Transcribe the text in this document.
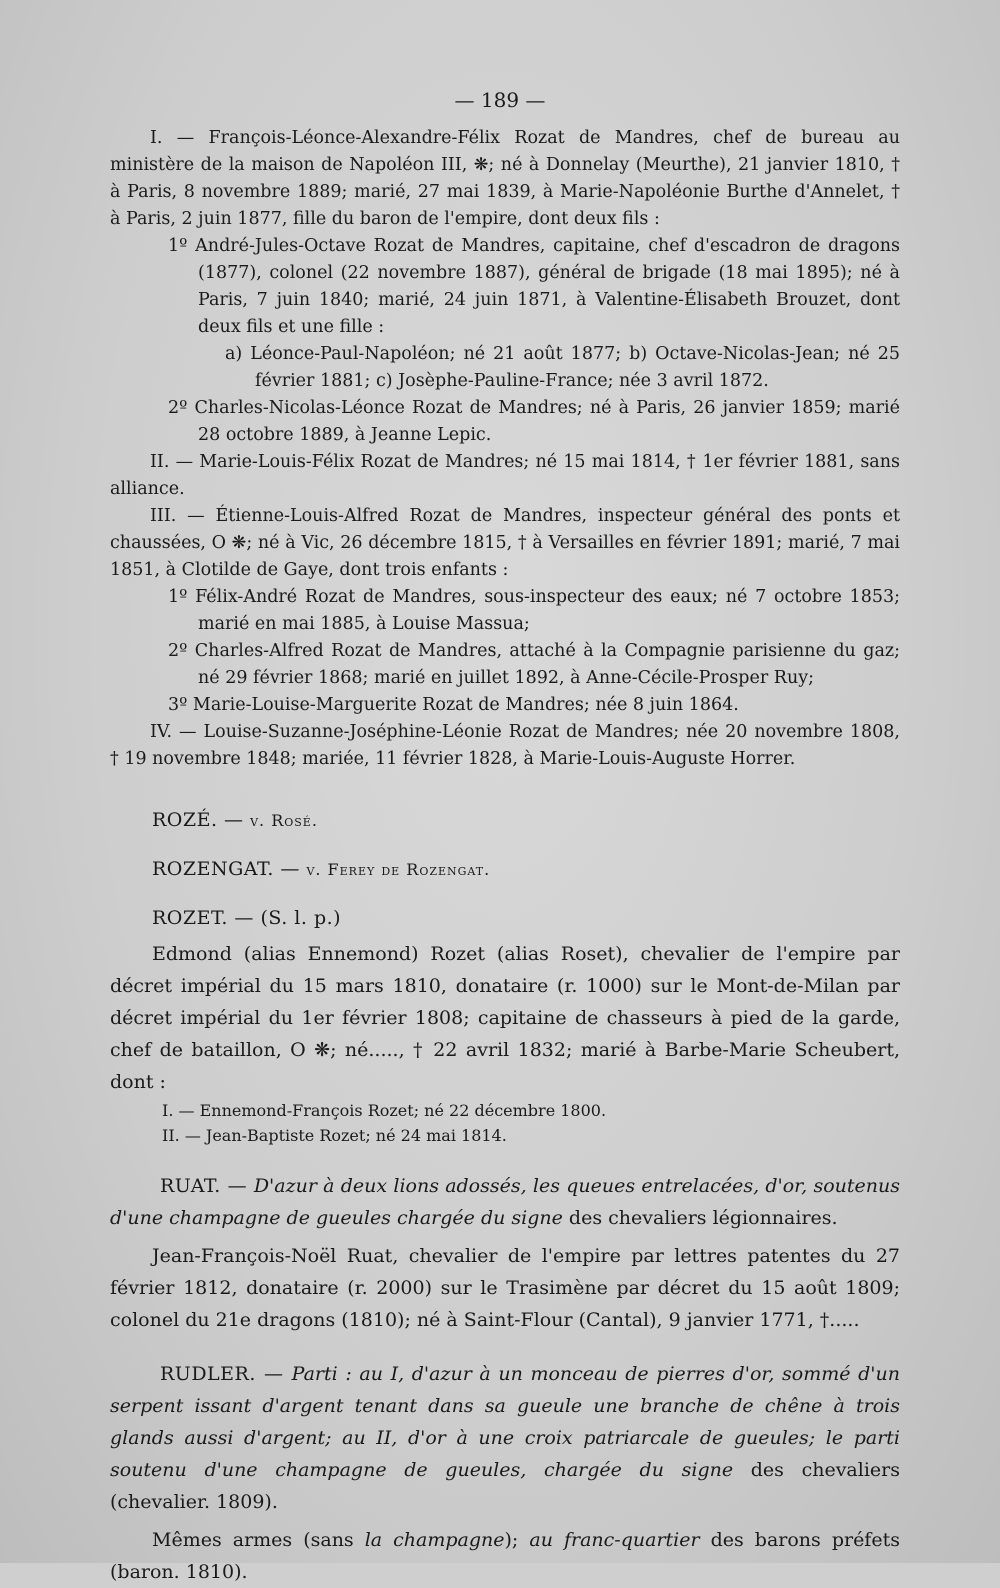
— 189 —

I. — François-Léonce-Alexandre-Félix Rozat de Mandres, chef de bureau au ministère de la maison de Napoléon III, ❋; né à Donnelay (Meurthe), 21 janvier 1810, † à Paris, 8 novembre 1889; marié, 27 mai 1839, à Marie-Napoléonie Burthe d'Annelet, † à Paris, 2 juin 1877, fille du baron de l'empire, dont deux fils :

1º André-Jules-Octave Rozat de Mandres, capitaine, chef d'escadron de dragons (1877), colonel (22 novembre 1887), général de brigade (18 mai 1895); né à Paris, 7 juin 1840; marié, 24 juin 1871, à Valentine-Élisabeth Brouzet, dont deux fils et une fille :

a) Léonce-Paul-Napoléon; né 21 août 1877; b) Octave-Nicolas-Jean; né 25 février 1881; c) Josèphe-Pauline-France; née 3 avril 1872.

2º Charles-Nicolas-Léonce Rozat de Mandres; né à Paris, 26 janvier 1859; marié 28 octobre 1889, à Jeanne Lepic.

II. — Marie-Louis-Félix Rozat de Mandres; né 15 mai 1814, † 1er février 1881, sans alliance.

III. — Étienne-Louis-Alfred Rozat de Mandres, inspecteur général des ponts et chaussées, O ❋; né à Vic, 26 décembre 1815, † à Versailles en février 1891; marié, 7 mai 1851, à Clotilde de Gaye, dont trois enfants :

1º Félix-André Rozat de Mandres, sous-inspecteur des eaux; né 7 octobre 1853; marié en mai 1885, à Louise Massua;

2º Charles-Alfred Rozat de Mandres, attaché à la Compagnie parisienne du gaz; né 29 février 1868; marié en juillet 1892, à Anne-Cécile-Prosper Ruy;

3º Marie-Louise-Marguerite Rozat de Mandres; née 8 juin 1864.

IV. — Louise-Suzanne-Joséphine-Léonie Rozat de Mandres; née 20 novembre 1808, † 19 novembre 1848; mariée, 11 février 1828, à Marie-Louis-Auguste Horrer.

ROZÉ. — v. Rosé.

ROZENGAT. — v. Ferey de Rozengat.

ROZET. — (S. l. p.)

Edmond (alias Ennemond) Rozet (alias Roset), chevalier de l'empire par décret impérial du 15 mars 1810, donataire (r. 1000) sur le Mont-de-Milan par décret impérial du 1er février 1808; capitaine de chasseurs à pied de la garde, chef de bataillon, O ❋; né....., † 22 avril 1832; marié à Barbe-Marie Scheubert, dont :

I. — Ennemond-François Rozet; né 22 décembre 1800.

II. — Jean-Baptiste Rozet; né 24 mai 1814.

RUAT. — D'azur à deux lions adossés, les queues entrelacées, d'or, soutenus d'une champagne de gueules chargée du signe des chevaliers légionnaires.

Jean-François-Noël Ruat, chevalier de l'empire par lettres patentes du 27 février 1812, donataire (r. 2000) sur le Trasimène par décret du 15 août 1809; colonel du 21e dragons (1810); né à Saint-Flour (Cantal), 9 janvier 1771, †.....

RUDLER. — Parti : au I, d'azur à un monceau de pierres d'or, sommé d'un serpent issant d'argent tenant dans sa gueule une branche de chêne à trois glands aussi d'argent; au II, d'or à une croix patriarcale de gueules; le parti soutenu d'une champagne de gueules, chargée du signe des chevaliers (chevalier. 1809).

Mêmes armes (sans la champagne); au franc-quartier des barons préfets (baron. 1810).
